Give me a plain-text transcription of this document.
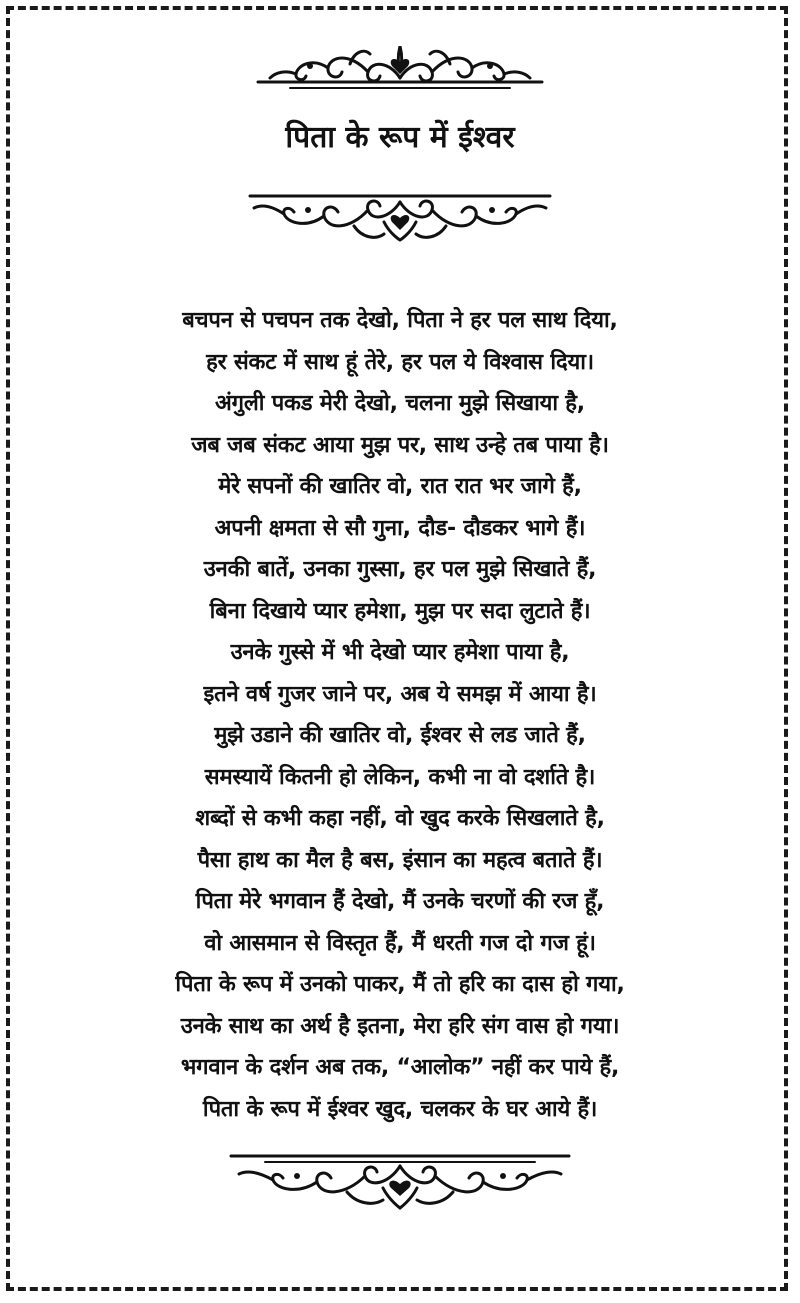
पिता के रूप में ईश्वर
बचपन से पचपन तक देखो, पिता ने हर पल साथ दिया,
हर संकट में साथ हूं तेरे, हर पल ये विश्वास दिया।
अंगुली पकड मेरी देखो, चलना मुझे सिखाया है,
जब जब संकट आया मुझ पर, साथ उन्हे तब पाया है।
मेरे सपनों की खातिर वो, रात रात भर जागे हैं,
अपनी क्षमता से सौ गुना, दौड- दौडकर भागे हैं।
उनकी बातें, उनका गुस्सा, हर पल मुझे सिखाते हैं,
बिना दिखाये प्यार हमेशा, मुझ पर सदा लुटाते हैं।
उनके गुस्से में भी देखो प्यार हमेशा पाया है,
इतने वर्ष गुजर जाने पर, अब ये समझ में आया है।
मुझे उडाने की खातिर वो, ईश्वर से लड जाते हैं,
समस्यायें कितनी हो लेकिन, कभी ना वो दर्शाते है।
शब्दों से कभी कहा नहीं, वो खुद करके सिखलाते है,
पैसा हाथ का मैल है बस, इंसान का महत्व बताते हैं।
पिता मेरे भगवान हैं देखो, मैं उनके चरणों की रज हूँ,
वो आसमान से विस्तृत हैं, मैं धरती गज दो गज हूं।
पिता के रूप में उनको पाकर, मैं तो हरि का दास हो गया,
उनके साथ का अर्थ है इतना, मेरा हरि संग वास हो गया।
भगवान के दर्शन अब तक, “आलोक” नहीं कर पाये हैं,
पिता के रूप में ईश्वर खुद, चलकर के घर आये हैं।
